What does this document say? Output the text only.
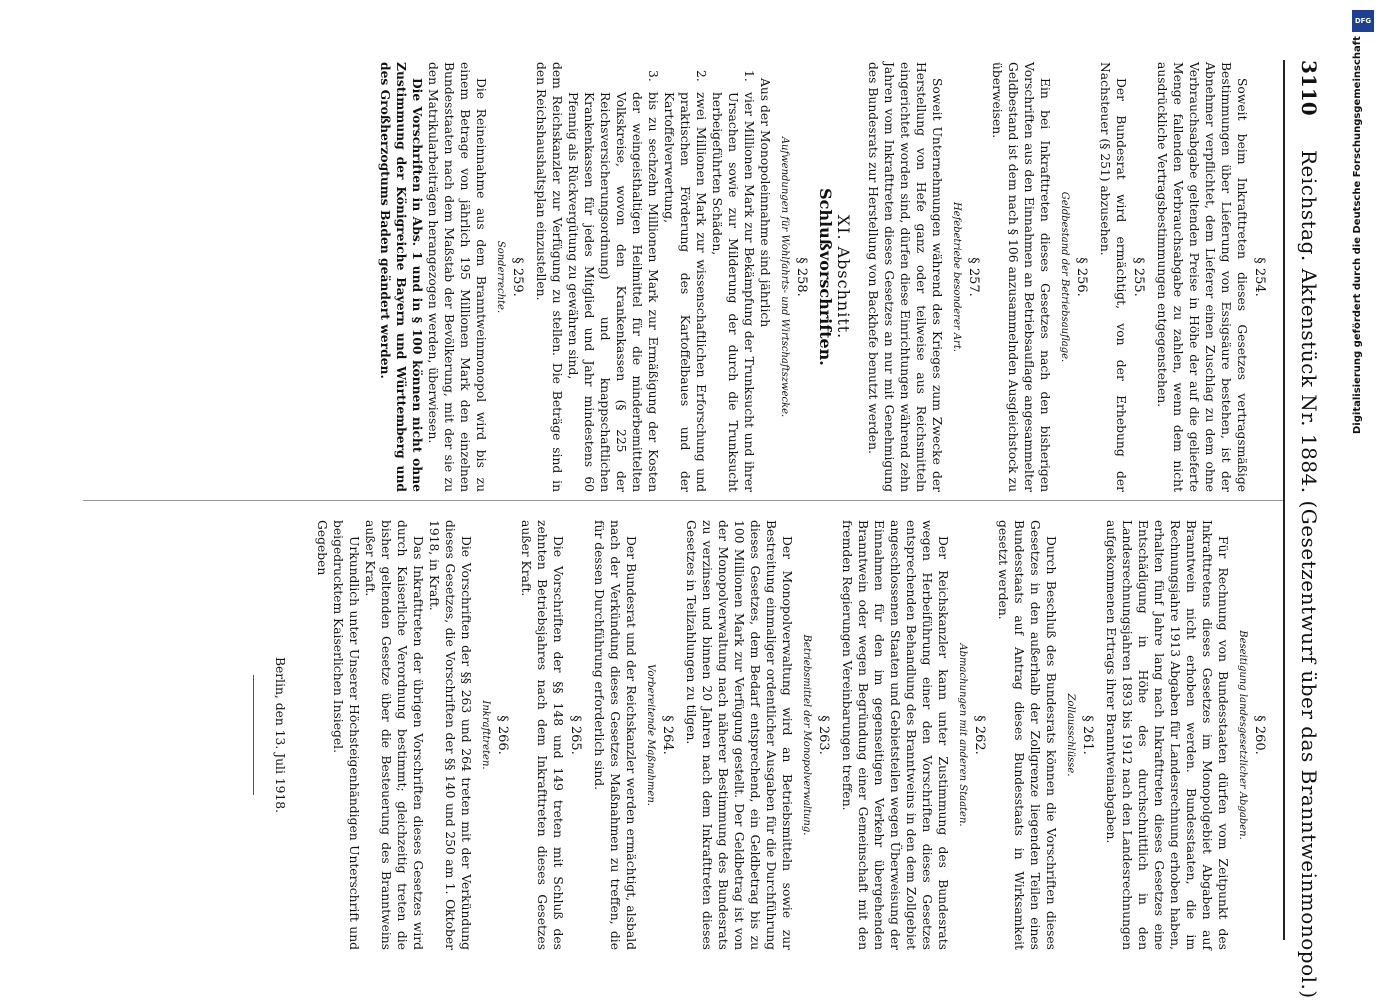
3110
Reichstag. Aktenstück Nr. 1884. (Gesetzentwurf über das Branntweinmonopol.)
§ 254.

Soweit beim Inkrafttreten dieses Gesetzes vertragsmäßige Bestimmungen über Lieferung von Essigsäure bestehen, ist der Abnehmer verpflichtet, dem Lieferer einen Zuschlag zu dem ohne Verbrauchsabgabe geltenden Preise in Höhe der auf die gelieferte Menge fallenden Verbrauchsabgabe zu zahlen, wenn dem nicht ausdrückliche Vertragsbestimmungen entgegenstehen.

§ 255.

Der Bundesrat wird ermächtigt, von der Erhebung der Nachsteuer (§ 251) abzusehen.

§ 256.
Geldbestand der Betriebsauflage.

Ein bei Inkrafttreten dieses Gesetzes nach den bisherigen Vorschriften aus den Einnahmen an Betriebsauflage angesammelter Geldbestand ist dem nach § 106 anzusammelnden Ausgleichstock zu überweisen.

§ 257.
Hefebetriebe besonderer Art.

Soweit Unternehmungen während des Krieges zum Zwecke der Herstellung von Hefe ganz oder teilweise aus Reichsmitteln eingerichtet worden sind, dürfen diese Einrichtungen während zehn Jahren vom Inkrafttreten dieses Gesetzes an nur mit Genehmigung des Bundesrats zur Herstellung von Backhefe benutzt werden.

XI. Abschnitt.
Schlußvorschriften.
§ 258.
Aufwendungen für Wohlfahrts- und Wirtschaftszwecke.

Aus der Monopoleinnahme sind jährlich

1.
vier Millionen Mark zur Bekämpfung der Trunksucht und ihrer Ursachen sowie zur Milderung der durch die Trunksucht herbeigeführten Schäden,
2.
zwei Millionen Mark zur wissenschaftlichen Erforschung und praktischen Förderung des Kartoffelbaues und der Kartoffelverwertung,
3.
bis zu sechzehn Millionen Mark zur Ermäßigung der Kosten der weingeisthaltigen Heilmittel für die minderbemittelten Volkskreise, wovon den Krankenkassen (§ 225 der Reichsversicherungsordnung) und knappschaftlichen Krankenkassen für jedes Mitglied und Jahr mindestens 60 Pfennig als Rückvergütung zu gewähren sind,

dem Reichskanzler zur Verfügung zu stellen. Die Beträge sind in den Reichshaushaltsplan einzustellen.

§ 259.
Sonderrechte.

Die Reineinnahme aus dem Branntweinmonopol wird bis zu einem Betrage von jährlich 195 Millionen Mark den einzelnen Bundesstaaten nach dem Maßstab der Bevölkerung, mit der sie zu den Matrikularbeiträgen herangezogen werden, überwiesen.

Die Vorschriften in Abs. 1 und in § 100 können nicht ohne Zustimmung der Königreiche Bayern und Württemberg und des Großherzogtums Baden geändert werden.

§ 260.
Beseitigung landesgesetzlicher Abgaben.

Für Rechnung von Bundesstaaten dürfen vom Zeitpunkt des Inkrafttretens dieses Gesetzes im Monopolgebiet Abgaben auf Branntwein nicht erhoben werden. Bundesstaaten, die im Rechnungsjahre 1913 Abgaben für Landesrechnung erhoben haben, erhalten fünf Jahre lang nach Inkrafttreten dieses Gesetzes eine Entschädigung in Höhe des durchschnittlich in den Landesrechnungsjahren 1893 bis 1912 nach den Landesrechnungen aufgekommenen Ertrags ihrer Branntweinabgaben.

§ 261.
Zollausschlüsse.

Durch Beschluß des Bundesrats können die Vorschriften dieses Gesetzes in den außerhalb der Zollgrenze liegenden Teilen eines Bundesstaats auf Antrag dieses Bundesstaats in Wirksamkeit gesetzt werden.

§ 262.
Abmachungen mit anderen Staaten.

Der Reichskanzler kann unter Zustimmung des Bundesrats wegen Herbeiführung einer den Vorschriften dieses Gesetzes entsprechenden Behandlung des Branntweins in den dem Zollgebiet angeschlossenen Staaten und Gebietsteilen wegen Überweisung der Einnahmen für den im gegenseitigen Verkehr übergehenden Branntwein oder wegen Begründung einer Gemeinschaft mit den fremden Regierungen Vereinbarungen treffen.

§ 263.
Betriebsmittel der Monopolverwaltung.

Der Monopolverwaltung wird an Betriebsmitteln sowie zur Bestreitung einmaliger ordentlicher Ausgaben für die Durchführung dieses Gesetzes, dem Bedarf entsprechend, ein Geldbetrag bis zu 100 Millionen Mark zur Verfügung gestellt. Der Geldbetrag ist von der Monopolverwaltung nach näherer Bestimmung des Bundesrats zu verzinsen und binnen 20 Jahren nach dem Inkrafttreten dieses Gesetzes in Teilzahlungen zu tilgen.

§ 264.
Vorbereitende Maßnahmen.

Der Bundesrat und der Reichskanzler werden ermächtigt, alsbald nach der Verkündung dieses Gesetzes Maßnahmen zu treffen, die für dessen Durchführung erforderlich sind.

§ 265.

Die Vorschriften der §§ 148 und 149 treten mit Schluß des zehnten Betriebsjahres nach dem Inkrafttreten dieses Gesetzes außer Kraft.

§ 266.
Inkrafttreten.

Die Vorschriften der §§ 263 und 264 treten mit der Verkündung dieses Gesetzes, die Vorschriften der §§ 140 und 250 am 1. Oktober 1918, in Kraft.

Das Inkrafttreten der übrigen Vorschriften dieses Gesetzes wird durch Kaiserliche Verordnung bestimmt; gleichzeitig treten die bisher geltenden Gesetze über die Besteuerung des Branntweins außer Kraft.

Urkundlich unter Unserer Höchsteigenhändigen Unterschrift und beigedrucktem Kaiserlichen Insiegel.

Gegeben

Berlin, den 13. Juli 1918.
DFG
Digitalisierung gefördert durch die Deutsche Forschungsgemeinschaft
